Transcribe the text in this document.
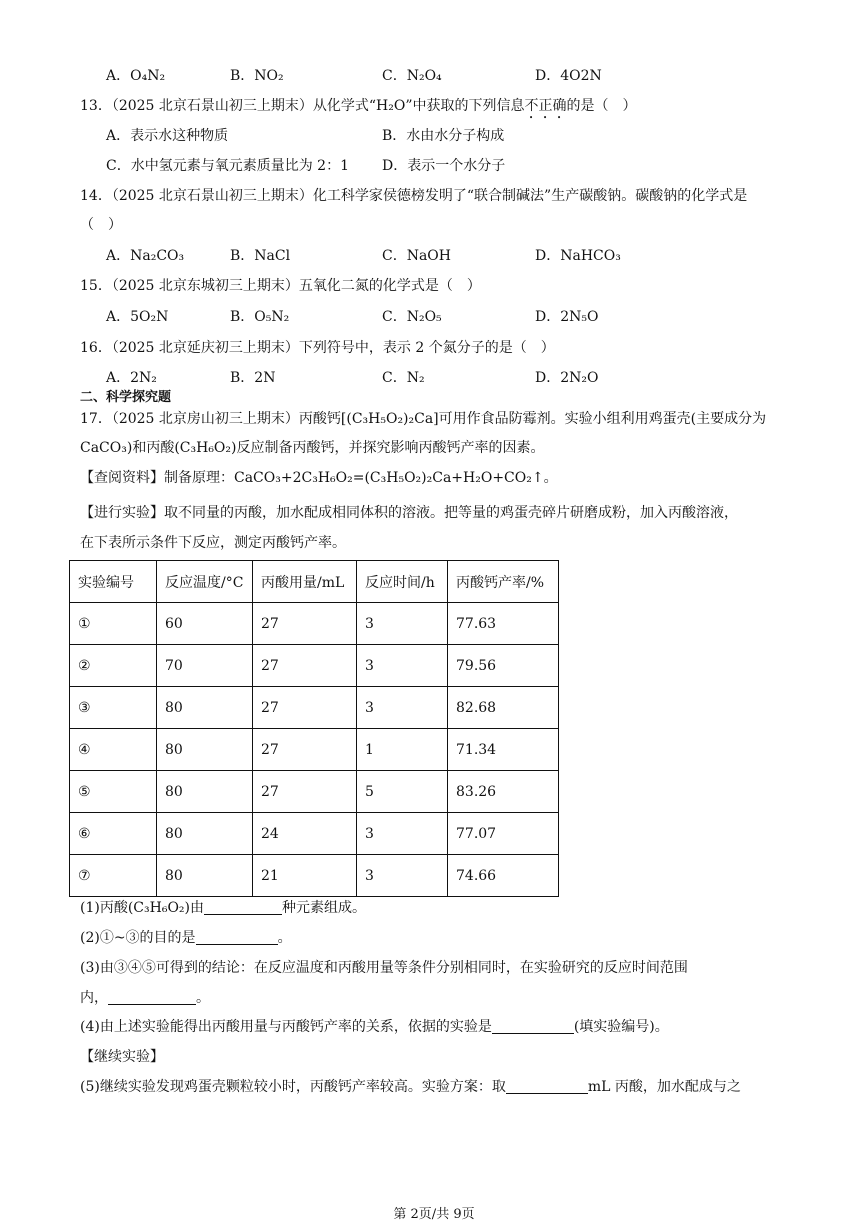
A．O₄N₂	B．NO₂	C．N₂O₄	D．4O2N
13．（2025 北京石景山初三上期末）从化学式“H₂O”中获取的下列信息不正确的是（　）
A．表示水这种物质	B．水由水分子构成
C．水中氢元素与氧元素质量比为 2：1 D．表示一个水分子
14．（2025 北京石景山初三上期末）化工科学家侯德榜发明了“联合制碱法”生产碳酸钠。碳酸钠的化学式是
（　）
A．Na₂CO₃	B．NaCl	C．NaOH	D．NaHCO₃
15．（2025 北京东城初三上期末）五氧化二氮的化学式是（　）
A．5O₂N	B．O₅N₂	C．N₂O₅	D．2N₅O
16．（2025 北京延庆初三上期末）下列符号中，表示 2 个氮分子的是（　）
A．2N₂	B．2N	C．N₂	D．2N₂O
二、科学探究题
17．（2025 北京房山初三上期末）丙酸钙[(C₃H₅O₂)₂Ca]可用作食品防霉剂。实验小组利用鸡蛋壳(主要成分为
CaCO₃)和丙酸(C₃H₆O₂)反应制备丙酸钙，并探究影响丙酸钙产率的因素。
【查阅资料】制备原理：CaCO₃+2C₃H₆O₂=(C₃H₅O₂)₂Ca+H₂O+CO₂↑。
【进行实验】取不同量的丙酸，加水配成相同体积的溶液。把等量的鸡蛋壳碎片研磨成粉，加入丙酸溶液，
在下表所示条件下反应，测定丙酸钙产率。
实验编号	反应温度/°C	丙酸用量/mL	反应时间/h	丙酸钙产率/%
①	60	27	3	77.63
②	70	27	3	79.56
③	80	27	3	82.68
④	80	27	1	71.34
⑤	80	27	5	83.26
⑥	80	24	3	77.07
⑦	80	21	3	74.66
(1)丙酸(C₃H₆O₂)由	种元素组成。
(2)①~③的目的是	。
(3)由③④⑤可得到的结论：在反应温度和丙酸用量等条件分别相同时，在实验研究的反应时间范围
内，	。
(4)由上述实验能得出丙酸用量与丙酸钙产率的关系，依据的实验是	(填实验编号)。
【继续实验】
(5)继续实验发现鸡蛋壳颗粒较小时，丙酸钙产率较高。实验方案：取	mL 丙酸，加水配成与之
第 2页/共 9页
